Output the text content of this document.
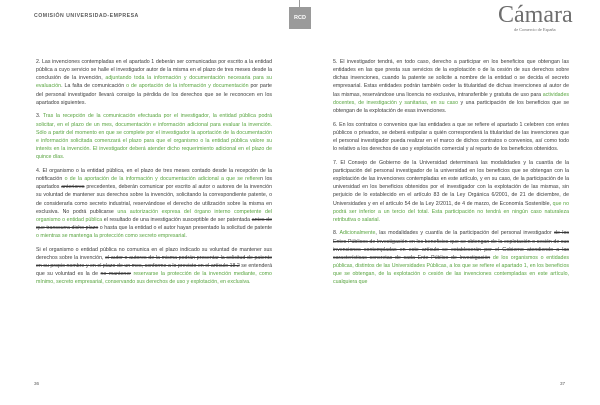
COMISIÓN UNIVERSIDAD-EMPRESA	RCD	Cámara
de Comercio de España

2. Las invenciones contempladas en el apartado 1 deberán ser comunicadas por escrito a la entidad pública a cuyo servicio se halle el investigador autor de la misma en el plazo de tres meses desde la conclusión de la invención, adjuntando toda la información y documentación necesaria para su evaluación. La falta de comunicación o de aportación de la información y documentación por parte del personal investigador llevará consigo la pérdida de los derechos que se le reconocen en los apartados siguientes.

3. Tras la recepción de la comunicación efectuada por el investigador, la entidad pública podrá solicitar, en el plazo de un mes, documentación e información adicional para evaluar la invención. Sólo a partir del momento en que se complete por el investigador la aportación de la documentación e información solicitada comenzará el plazo para que el organismo o la entidad pública valore su interés en la invención. El investigador deberá atender dicho requerimiento adicional en el plazo de quince días.

4. El organismo o la entidad pública, en el plazo de tres meses contado desde la recepción de la notificación o de la aportación de la información y documentación adicional a que se refieren los apartados anteriores precedentes, deberán comunicar por escrito al autor o autores de la invención su voluntad de mantener sus derechos sobre la invención, solicitando la correspondiente patente, o de considerarla como secreto industrial, reservándose el derecho de utilización sobre la misma en exclusiva. No podrá publicarse una autorización expresa del órgano interno competente del organismo o entidad pública el resultado de una investigación susceptible de ser patentada antes de que transcurra dicho plazo o hasta que la entidad o el autor hayan presentado la solicitud de patente o mientras se mantenga la protección como secreto empresarial.

Si el organismo o entidad pública no comunica en el plazo indicado su voluntad de mantener sus derechos sobre la invención, el autor o autores de la misma podrán presentar la solicitud de patente en su propio nombre y en el plazo de un mes, conforme a lo previsto en el artículo 18.2 se entenderá que su voluntad es la de no mantener reservarse la protección de la invención mediante, como mínimo, secreto empresarial, conservando sus derechos de uso y explotación, en exclusiva.

5. El investigador tendrá, en todo caso, derecho a participar en los beneficios que obtengan las entidades en las que presta sus servicios de la explotación o de la cesión de sus derechos sobre dichas invenciones, cuando la patente se solicite a nombre de la entidad o se decida el secreto empresarial. Estas entidades podrán también ceder la titularidad de dichas invenciones al autor de las mismas, reservándose una licencia no exclusiva, intransferible y gratuita de uso para actividades docentes, de investigación y sanitarias, en su caso y una participación de los beneficios que se obtengan de la explotación de esas invenciones.

6. En los contratos o convenios que las entidades a que se refiere el apartado 1 celebren con entes públicos o privados, se deberá estipular a quién corresponderá la titularidad de las invenciones que el personal investigador pueda realizar en el marco de dichos contratos o convenios, así como todo lo relativo a los derechos de uso y explotación comercial y al reparto de los beneficios obtenidos.

7. El Consejo de Gobierno de la Universidad determinará las modalidades y la cuantía de la participación del personal investigador de la universidad en los beneficios que se obtengan con la explotación de las invenciones contempladas en este artículo, y en su caso, de la participación de la universidad en los beneficios obtenidos por el investigador con la explotación de las mismas, sin perjuicio de lo establecido en el artículo 83 de la Ley Orgánica 6/2001, de 21 de diciembre, de Universidades y en el artículo 54 de la Ley 2/2011, de 4 de marzo, de Economía Sostenible, que no podrá ser inferior a un tercio del total. Esta participación no tendrá en ningún caso naturaleza retributiva o salarial.

8. Adicionalmente, las modalidades y cuantía de la participación del personal investigador de los Entes Públicos de Investigación en los beneficios que se obtengan de la explotación o cesión de sus invenciones contempladas en este artículo se establecerán por el Gobierno atendiendo a las características concretas de cada Ente Público de Investigación de los organismos o entidades públicas, distintos de las Universidades Públicas, a los que se refiere el apartado 1, en los beneficios que se obtengan, de la explotación o cesión de las invenciones contempladas en este artículo, cualquiera que

36	37
